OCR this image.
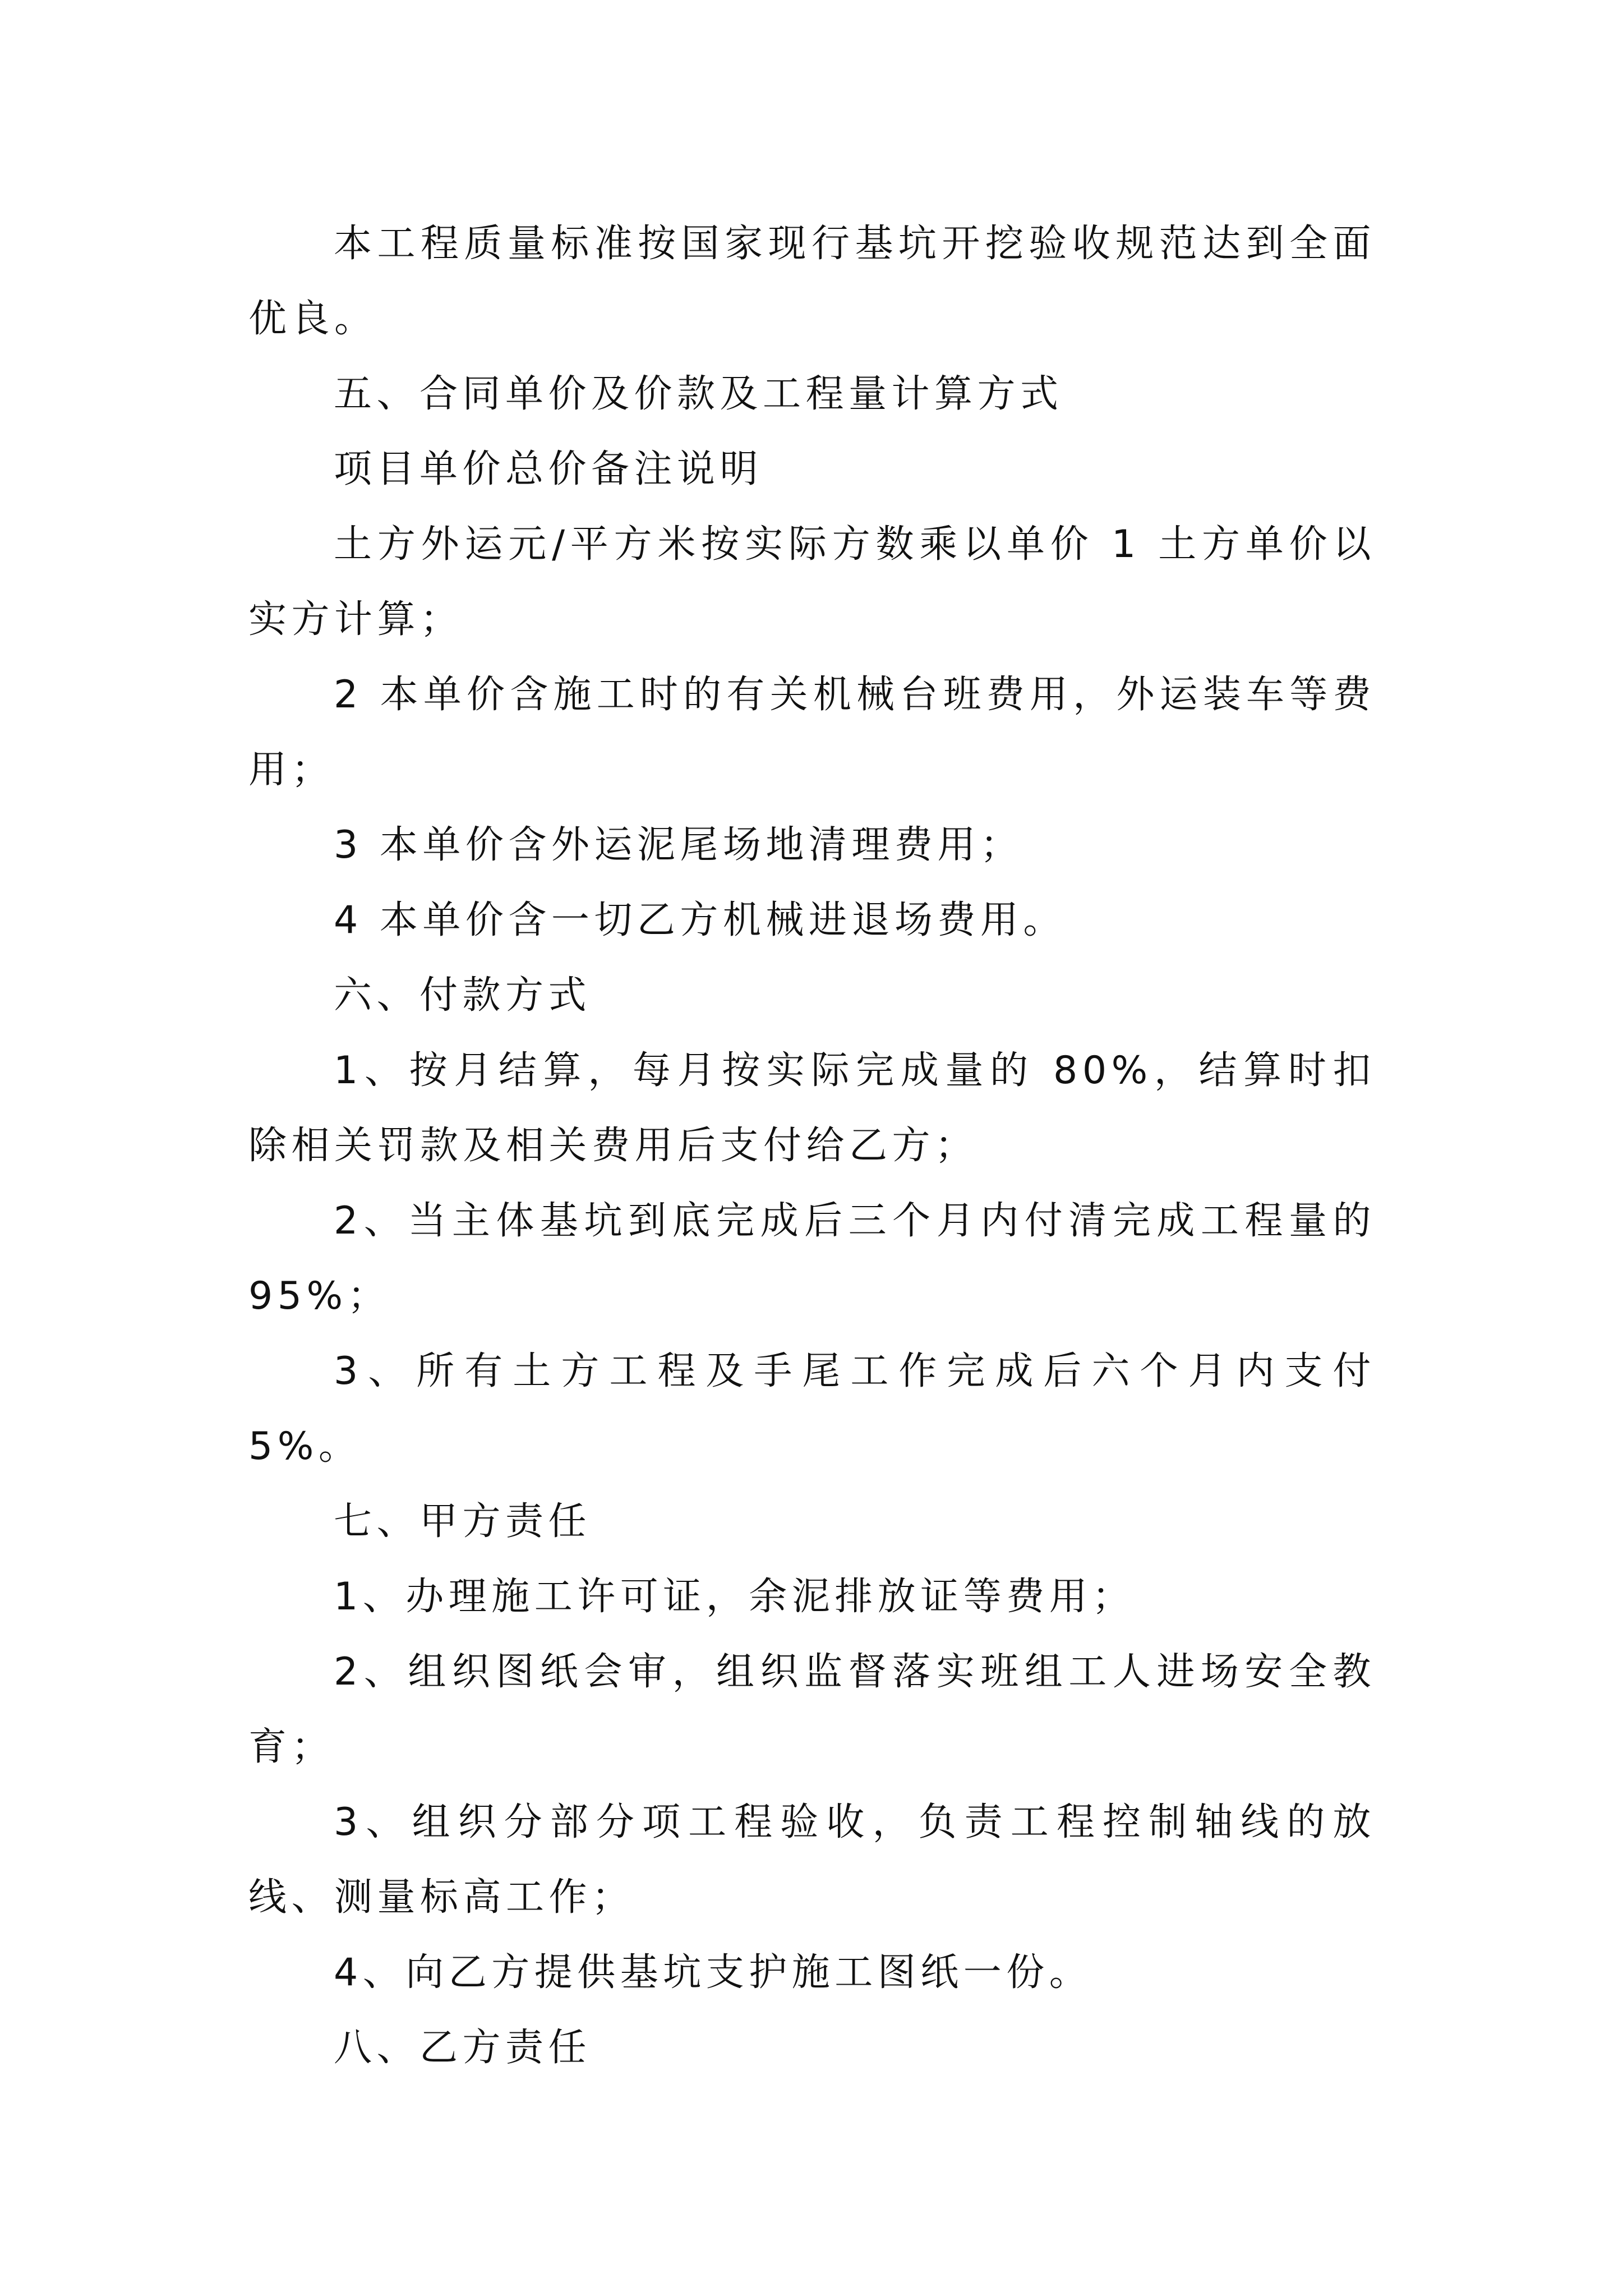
本工程质量标准按国家现行基坑开挖验收规范达到全面优良。

五、合同单价及价款及工程量计算方式

项目单价总价备注说明

土方外运元/平方米按实际方数乘以单价 1 土方单价以实方计算；

2 本单价含施工时的有关机械台班费用，外运装车等费用；

3 本单价含外运泥尾场地清理费用；

4 本单价含一切乙方机械进退场费用。

六、付款方式

1、按月结算，每月按实际完成量的 80%，结算时扣除相关罚款及相关费用后支付给乙方；

2、当主体基坑到底完成后三个月内付清完成工程量的95%；

3、所有土方工程及手尾工作完成后六个月内支付 5%。

七、甲方责任

1、办理施工许可证，余泥排放证等费用；

2、组织图纸会审，组织监督落实班组工人进场安全教育；

3、组织分部分项工程验收，负责工程控制轴线的放线、测量标高工作；

4、向乙方提供基坑支护施工图纸一份。

八、乙方责任
